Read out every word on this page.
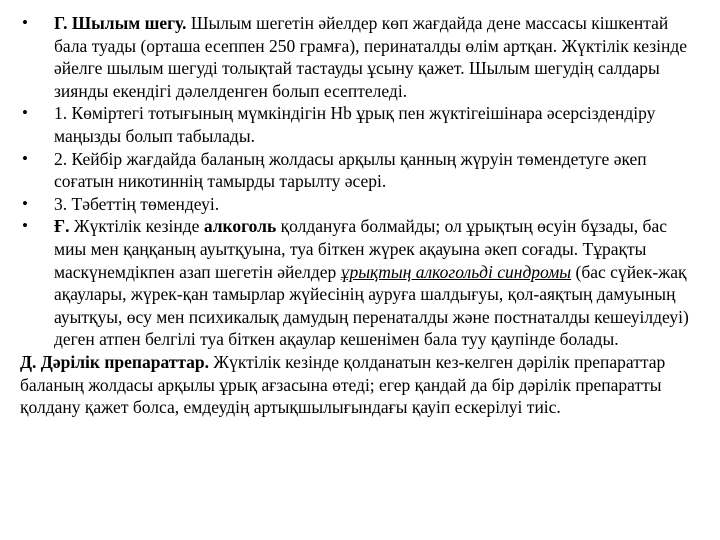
•	Г. Шылым шегу. Шылым шегетін әйелдер көп жағдайда дене массасы кішкентай бала туады (орташа есеппен 250 грамға), перинаталды өлім артқан. Жүктілік кезінде әйелге шылым шегуді толықтай тастауды ұсыну қажет. Шылым шегудің салдары зиянды екендігі дәлелденген болып есептеледі.
•	1. Көміртегі тотығының мүмкіндігін Hb ұрық пен жүктігеiшінара әсерсіздендіру маңызды болып табылады.
•	2. Кейбір жағдайда баланың жолдасы арқылы қанның жүруін төмендетуге әкеп соғатын никотиннің тамырды тарылту әсері.
•	3. Тәбеттің төмендеуі.
•	Ғ. Жүктілік кезінде алкоголь қолдануға болмайды; ол ұрықтың өсуін бұзады, бас миы мен қаңқаның ауытқуына, туа біткен жүрек ақауына әкеп соғады. Тұрақты маскүнемдікпен азап шегетін әйелдер ұрықтың алкогольді синдромы (бас сүйек-жақ ақаулары, жүрек-қан тамырлар жүйесінің ауруға шалдығуы, қол-аяқтың дамуының ауытқуы, өсу мен психикалық дамудың перенаталды және постнаталды кешеуілдеуі) деген атпен белгілі туа біткен ақаулар кешенімен бала туу қаупінде болады.

Д. Дәрілік препараттар. Жүктілік кезінде қолданатын кез-келген дәрілік препараттар баланың жолдасы арқылы ұрық ағзасына өтеді; егер қандай да бір дәрілік препаратты қолдану қажет болса, емдеудің артықшылығындағы қауіп ескерілуі тиіс.
